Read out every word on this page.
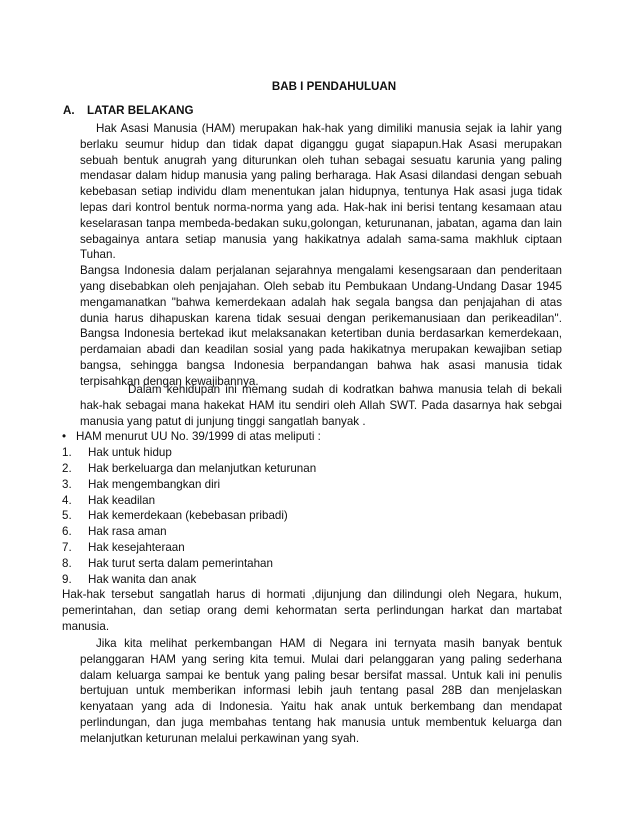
BAB I PENDAHULUAN
A. LATAR BELAKANG

Hak Asasi Manusia (HAM) merupakan hak-hak yang dimiliki manusia sejak ia lahir yang berlaku seumur hidup dan tidak dapat diganggu gugat siapapun.Hak Asasi merupakan sebuah bentuk anugrah yang diturunkan oleh tuhan sebagai sesuatu karunia yang paling mendasar dalam hidup manusia yang paling berharaga. Hak Asasi dilandasi dengan sebuah kebebasan setiap individu dlam menentukan jalan hidupnya, tentunya Hak asasi juga tidak lepas dari kontrol bentuk norma-norma yang ada. Hak-hak ini berisi tentang kesamaan atau keselarasan tanpa membeda-bedakan suku,golongan, keturunanan, jabatan, agama dan lain sebagainya antara setiap manusia yang hakikatnya adalah sama-sama makhluk ciptaan Tuhan.

Bangsa Indonesia dalam perjalanan sejarahnya mengalami kesengsaraan dan penderitaan yang disebabkan oleh penjajahan. Oleh sebab itu Pembukaan Undang-Undang Dasar 1945 mengamanatkan "bahwa kemerdekaan adalah hak segala bangsa dan penjajahan di atas dunia harus dihapuskan karena tidak sesuai dengan perikemanusiaan dan perikeadilan''. Bangsa Indonesia bertekad ikut melaksanakan ketertiban dunia berdasarkan kemerdekaan, perdamaian abadi dan keadilan sosial yang pada hakikatnya merupakan kewajiban setiap bangsa, sehingga bangsa Indonesia berpandangan bahwa hak asasi manusia tidak terpisahkan dengan kewajibannya.

Dalam kehidupan ini memang sudah di kodratkan bahwa manusia telah di bekali hak-hak sebagai mana hakekat HAM itu sendiri oleh Allah SWT. Pada dasarnya hak sebgai manusia yang patut di junjung tinggi sangatlah banyak .

• HAM menurut UU No. 39/1999 di atas meliputi :
1.	Hak untuk hidup
2.	Hak berkeluarga dan melanjutkan keturunan
3.	Hak mengembangkan diri
4.	Hak keadilan
5.	Hak kemerdekaan (kebebasan pribadi)
6.	Hak rasa aman
7.	Hak kesejahteraan
8.	Hak turut serta dalam pemerintahan
9.	Hak wanita dan anak

Hak-hak tersebut sangatlah harus di hormati ,dijunjung dan dilindungi oleh Negara, hukum, pemerintahan, dan setiap orang demi kehormatan serta perlindungan harkat dan martabat manusia.

Jika kita melihat perkembangan HAM di Negara ini ternyata masih banyak bentuk pelanggaran HAM yang sering kita temui. Mulai dari pelanggaran yang paling sederhana dalam keluarga sampai ke bentuk yang paling besar bersifat massal. Untuk kali ini penulis bertujuan untuk memberikan informasi lebih jauh tentang pasal 28B dan menjelaskan kenyataan yang ada di Indonesia. Yaitu hak anak untuk berkembang dan mendapat perlindungan, dan juga membahas tentang hak manusia untuk membentuk keluarga dan melanjutkan keturunan melalui perkawinan yang syah.
